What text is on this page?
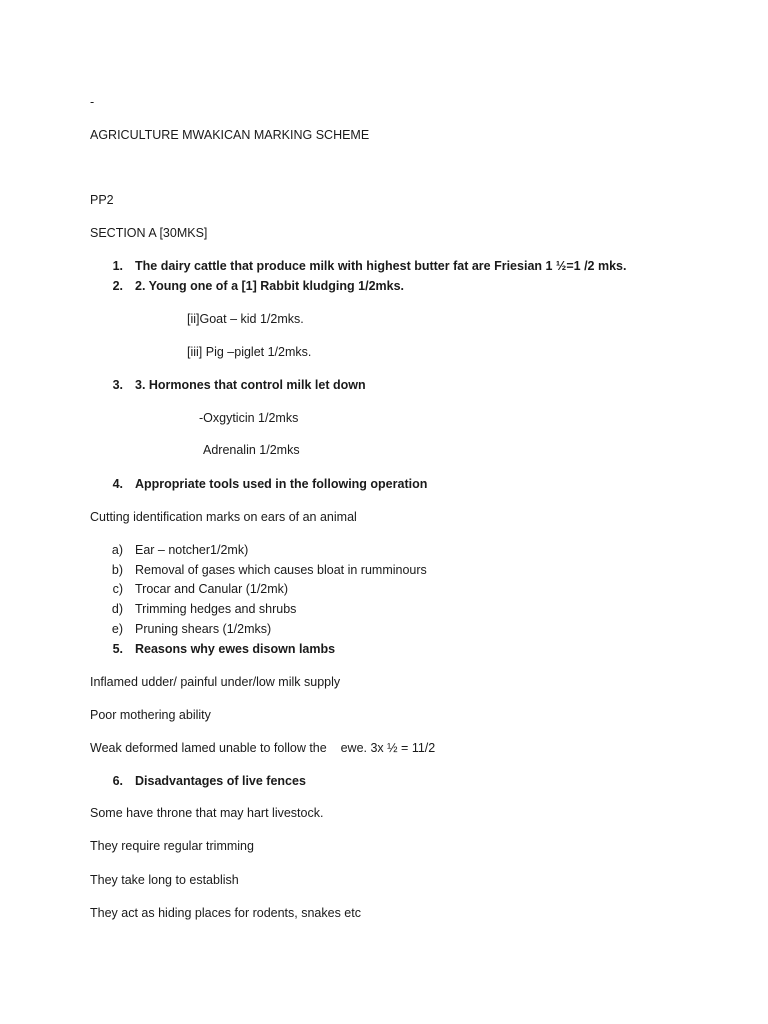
-
AGRICULTURE MWAKICAN MARKING SCHEME
PP2
SECTION A [30MKS]
1. The dairy cattle that produce milk with highest butter fat are Friesian 1 ½=1 /2 mks.
2. 2. Young one of a [1] Rabbit kludging 1/2mks.
[ii]Goat – kid 1/2mks.
[iii] Pig –piglet 1/2mks.
3. 3. Hormones that control milk let down
-Oxgyticin 1/2mks
Adrenalin 1/2mks
4. Appropriate tools used in the following operation
Cutting identification marks on ears of an animal
a) Ear – notcher1/2mk)
b) Removal of gases which causes bloat in rumminours
c) Trocar and Canular (1/2mk)
d) Trimming hedges and shrubs
e) Pruning shears (1/2mks)
5. Reasons why ewes disown lambs
Inflamed udder/ painful under/low milk supply
Poor mothering ability
Weak deformed lamed unable to follow the    ewe. 3x ½ = 11/2
6. Disadvantages of live fences
Some have throne that may hart livestock.
They require regular trimming
They take long to establish
They act as hiding places for rodents, snakes etc
